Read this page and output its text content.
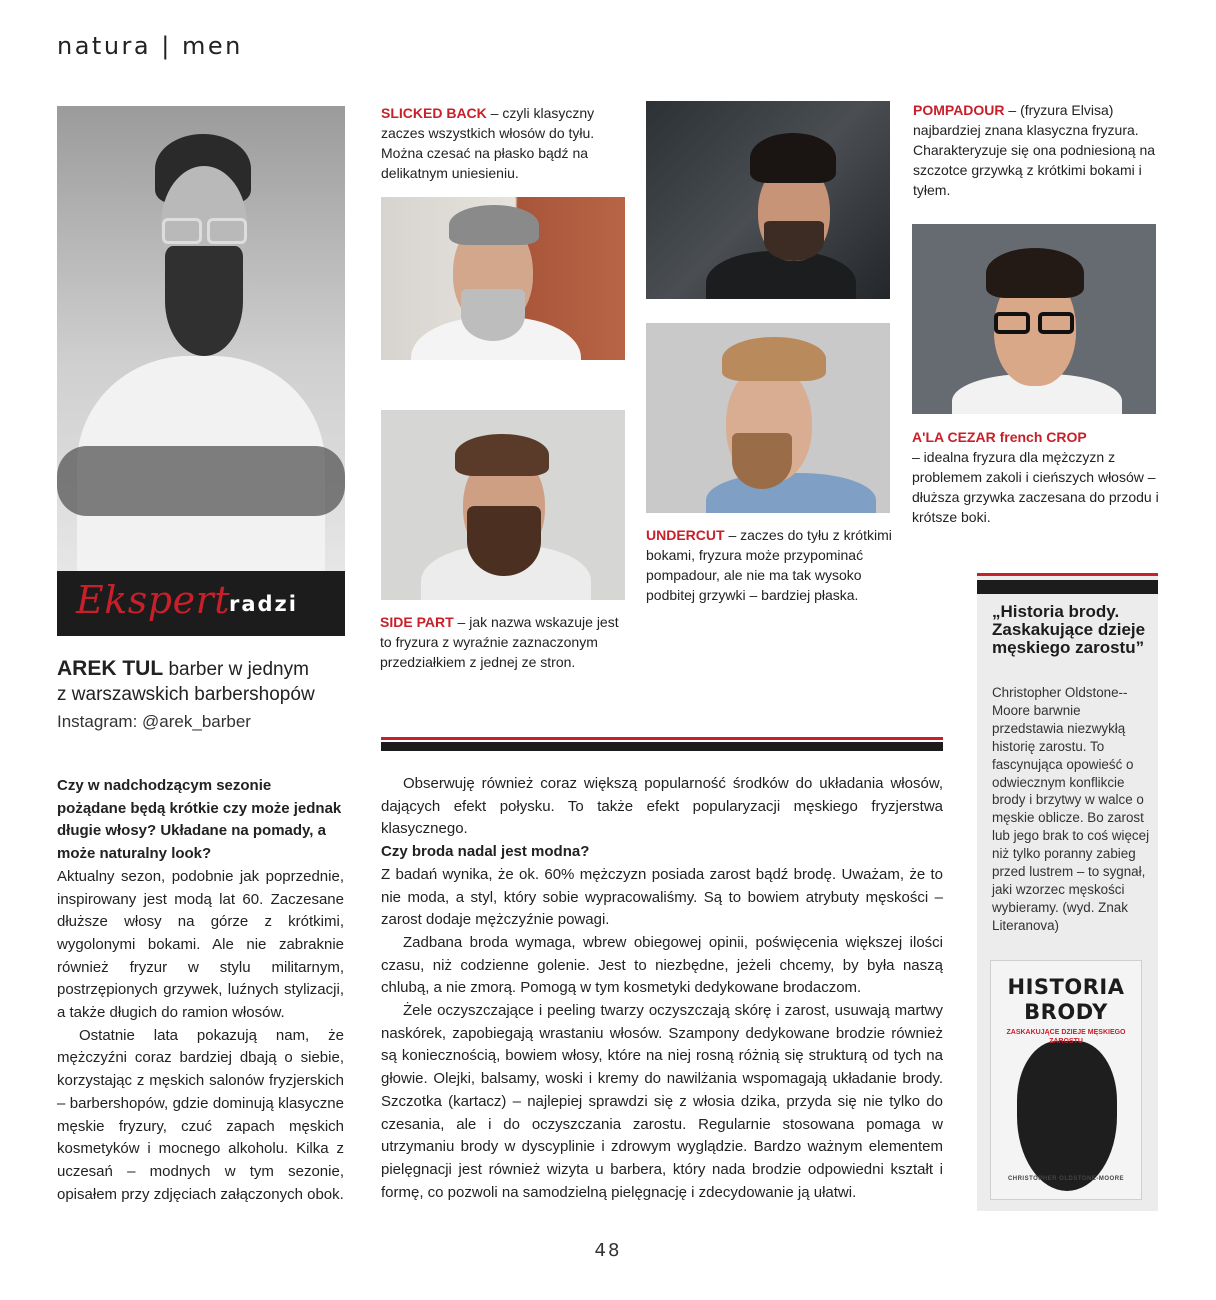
natura | men
Ekspert
radzi
AREK TUL barber w jednym
z warszawskich barbershopów
Instagram: @arek_barber
SLICKED BACK – czyli klasyczny zaczes wszystkich włosów do tyłu. Można czesać na płasko bądź na delikatnym uniesieniu.
SIDE PART – jak nazwa wskazuje jest to fryzura z wyraźnie zaznaczonym przedziałkiem z jednej ze stron.
UNDERCUT – zaczes do tyłu z krótkimi bokami, fryzura może przypominać pompadour, ale nie ma tak wysoko podbitej grzywki – bardziej płaska.
POMPADOUR – (fryzura Elvisa) najbardziej znana klasyczna fryzura. Charakteryzuje się ona podniesioną na szczotce grzywką z krótkimi bokami i tyłem.
A'LA CEZAR french CROP
– idealna fryzura dla mężczyzn z problemem zakoli i cieńszych włosów – dłuższa grzywka zaczesana do przodu i krótsze boki.

Czy w nadchodzącym sezonie pożądane będą krótkie czy może jednak długie włosy? Układane na pomady, a może naturalny look?

Aktualny sezon, podobnie jak poprzednie, inspirowany jest modą lat 60. Zaczesane dłuższe włosy na górze z krótkimi, wygolonymi bokami. Ale nie zabraknie również fryzur w stylu militarnym, postrzępionych grzywek, luźnych stylizacji, a także długich do ramion włosów.

Ostatnie lata pokazują nam, że mężczyźni coraz bardziej dbają o siebie, korzystając z męskich salonów fryzjerskich – barbershopów, gdzie dominują klasyczne męskie fryzury, czuć zapach męskich kosmetyków i mocnego alkoholu. Kilka z uczesań – modnych w tym sezonie, opisałem przy zdjęciach załączonych obok.

Obserwuję również coraz większą popularność środków do układania włosów, dających efekt połysku. To także efekt popularyzacji męskiego fryzjerstwa klasycznego.

Czy broda nadal jest modna?

Z badań wynika, że ok. 60% mężczyzn posiada zarost bądź brodę. Uważam, że to nie moda, a styl, który sobie wypracowaliśmy. Są to bowiem atrybuty męskości – zarost dodaje mężczyźnie powagi.

Zadbana broda wymaga, wbrew obiegowej opinii, poświęcenia większej ilości czasu, niż codzienne golenie. Jest to niezbędne, jeżeli chcemy, by była naszą chlubą, a nie zmorą. Pomogą w tym kosmetyki dedykowane brodaczom.

Żele oczyszczające i peeling twarzy oczyszczają skórę i zarost, usuwają martwy naskórek, zapobiegają wrastaniu włosów. Szampony dedykowane brodzie również są koniecznością, bowiem włosy, które na niej rosną różnią się strukturą od tych na głowie. Olejki, balsamy, woski i kremy do nawilżania wspomagają układanie brody. Szczotka (kartacz) – najlepiej sprawdzi się z włosia dzika, przyda się nie tylko do czesania, ale i do oczyszczania zarostu. Regularnie stosowana pomaga w utrzymaniu brody w dyscyplinie i zdrowym wyglądzie. Bardzo ważnym elementem pielęgnacji jest również wizyta u barbera, który nada brodzie odpowiedni kształt i formę, co pozwoli na samodzielną pielęgnację i zdecydowanie ją ułatwi.

„Historia brody. Zaskakujące dzieje męskiego zarostu”
Christopher Oldstone--Moore barwnie przedstawia niezwykłą historię zarostu. To fascynująca opowieść o odwiecznym konflikcie brody i brzytwy w walce o męskie oblicze. Bo zarost lub jego brak to coś więcej niż tylko poranny zabieg przed lustrem – to sygnał, jaki wzorzec męskości wybieramy. (wyd. Znak Literanova)
HISTORIA BRODY
ZASKAKUJĄCE DZIEJE MĘSKIEGO ZAROSTU
CHRISTOPHER OLDSTONE-MOORE
48
